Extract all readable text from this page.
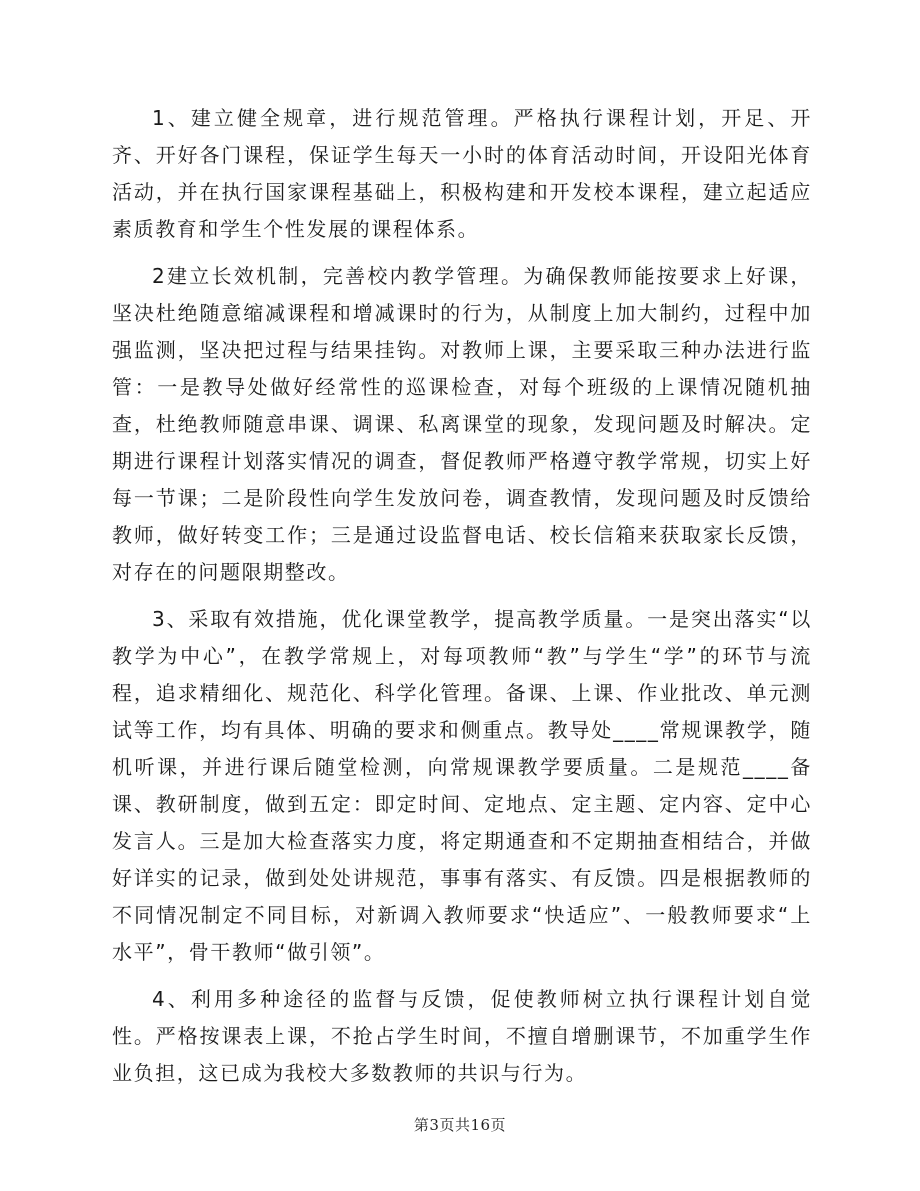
1、建立健全规章，进行规范管理。严格执行课程计划，开足、开齐、开好各门课程，保证学生每天一小时的体育活动时间，开设阳光体育活动，并在执行国家课程基础上，积极构建和开发校本课程，建立起适应素质教育和学生个性发展的课程体系。

2建立长效机制，完善校内教学管理。为确保教师能按要求上好课，坚决杜绝随意缩减课程和增减课时的行为，从制度上加大制约，过程中加强监测，坚决把过程与结果挂钩。对教师上课，主要采取三种办法进行监管：一是教导处做好经常性的巡课检查，对每个班级的上课情况随机抽查，杜绝教师随意串课、调课、私离课堂的现象，发现问题及时解决。定期进行课程计划落实情况的调查，督促教师严格遵守教学常规，切实上好每一节课；二是阶段性向学生发放问卷，调查教情，发现问题及时反馈给教师，做好转变工作；三是通过设监督电话、校长信箱来获取家长反馈，对存在的问题限期整改。

3、采取有效措施，优化课堂教学，提高教学质量。一是突出落实“以教学为中心”，在教学常规上，对每项教师“教”与学生“学”的环节与流程，追求精细化、规范化、科学化管理。备课、上课、作业批改、单元测试等工作，均有具体、明确的要求和侧重点。教导处____常规课教学，随机听课，并进行课后随堂检测，向常规课教学要质量。二是规范____备课、教研制度，做到五定：即定时间、定地点、定主题、定内容、定中心发言人。三是加大检查落实力度，将定期通查和不定期抽查相结合，并做好详实的记录，做到处处讲规范，事事有落实、有反馈。四是根据教师的不同情况制定不同目标，对新调入教师要求“快适应”、一般教师要求“上水平”，骨干教师“做引领”。

4、利用多种途径的监督与反馈，促使教师树立执行课程计划自觉性。严格按课表上课，不抢占学生时间，不擅自增删课节，不加重学生作业负担，这已成为我校大多数教师的共识与行为。

第3页共16页
